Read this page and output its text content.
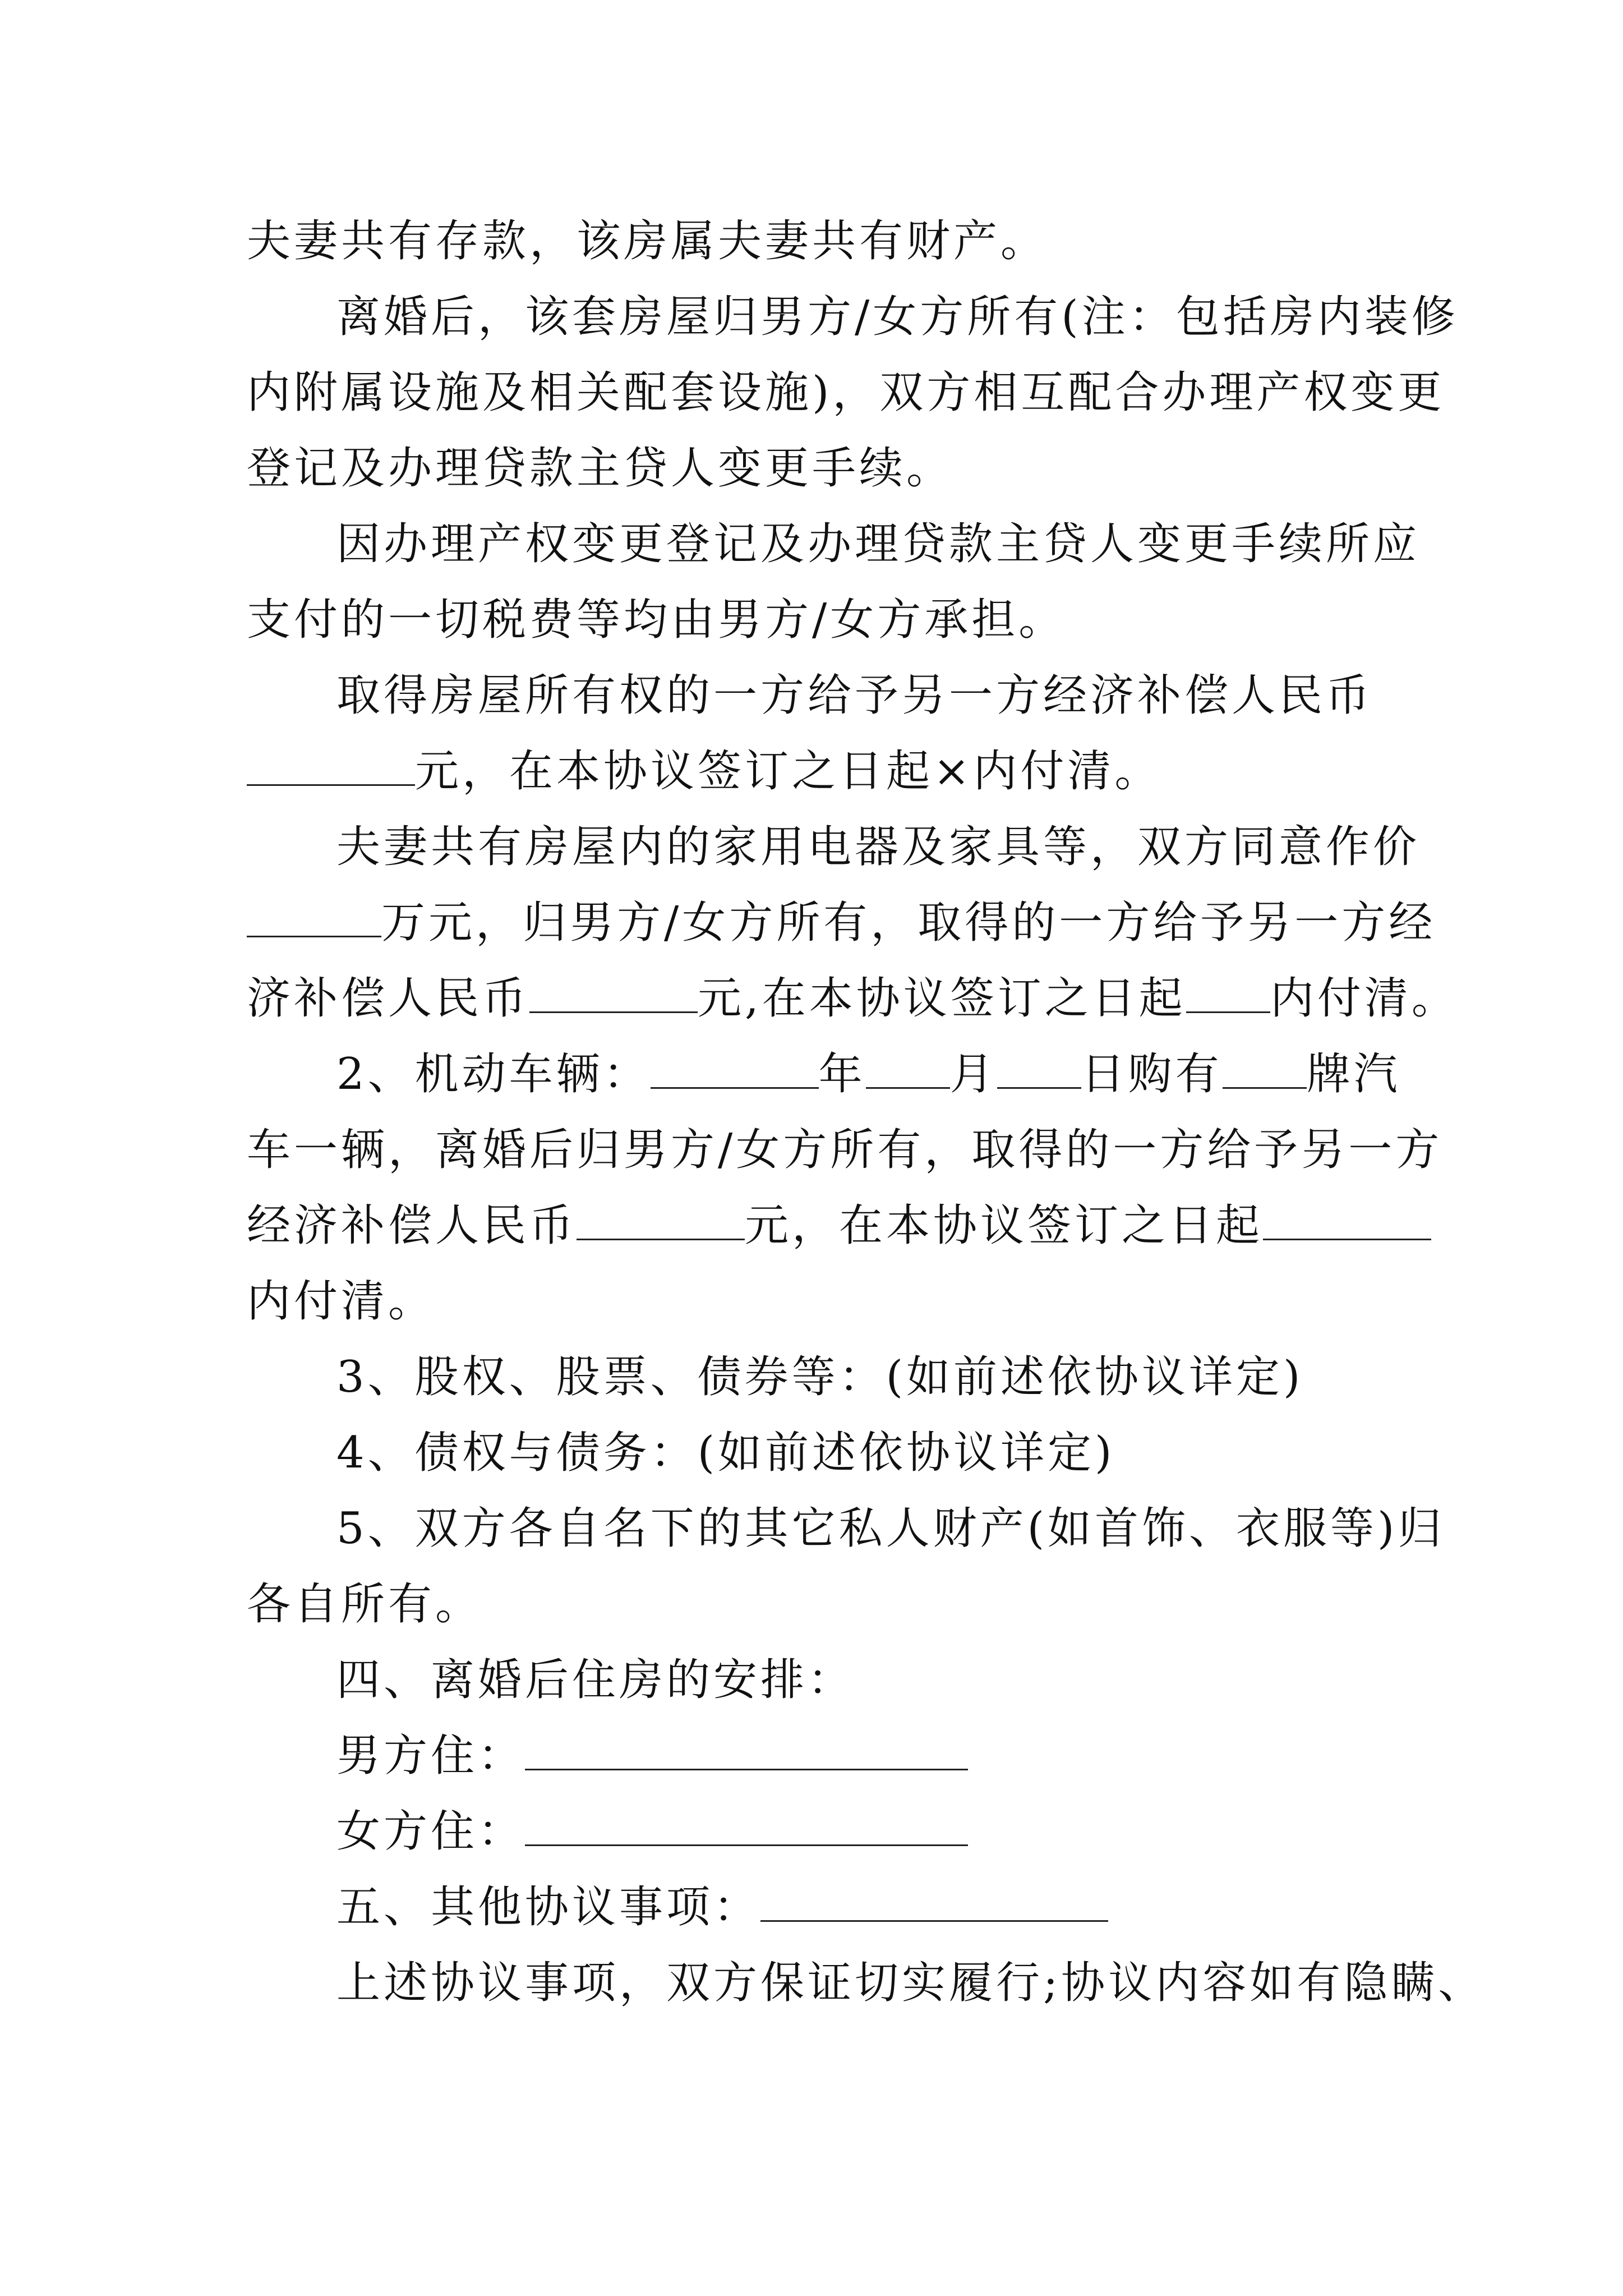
夫妻共有存款，该房属夫妻共有财产。
离婚后，该套房屋归男方/女方所有(注：包括房内装修
内附属设施及相关配套设施)，双方相互配合办理产权变更
登记及办理贷款主贷人变更手续。
因办理产权变更登记及办理贷款主贷人变更手续所应
支付的一切税费等均由男方/女方承担。
取得房屋所有权的一方给予另一方经济补偿人民币
元，在本协议签订之日起×内付清。
夫妻共有房屋内的家用电器及家具等，双方同意作价
万元，归男方/女方所有，取得的一方给予另一方经
济补偿人民币	元,在本协议签订之日起 内付清。
2、机动车辆：	年 月 日购有 牌汽
车一辆，离婚后归男方/女方所有，取得的一方给予另一方
经济补偿人民币	元，在本协议签订之日起
内付清。
3、股权、股票、债券等：(如前述依协议详定)
4、债权与债务：(如前述依协议详定)
5、双方各自名下的其它私人财产(如首饰、衣服等)归
各自所有。
四、离婚后住房的安排：
男方住：
女方住：
五、其他协议事项：
上述协议事项，双方保证切实履行;协议内容如有隐瞒、
